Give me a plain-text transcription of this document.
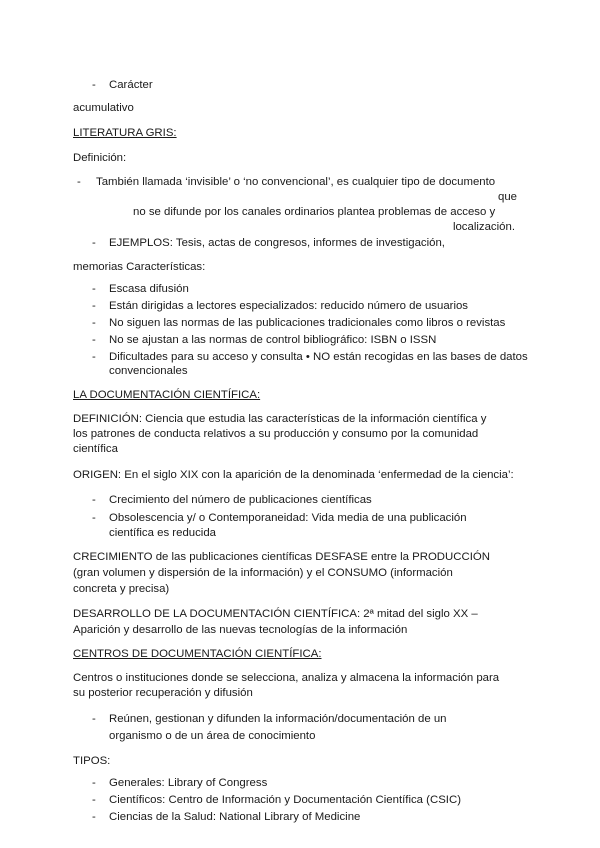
- Carácter
acumulativo
LITERATURA GRIS:
Definición:
- También llamada ‘invisible’ o ‘no convencional’, es cualquier tipo de documento
que
no se difunde por los canales ordinarios plantea problemas de acceso y
localización.
- EJEMPLOS: Tesis, actas de congresos, informes de investigación,
memorias Características:
- Escasa difusión
- Están dirigidas a lectores especializados: reducido número de usuarios
- No siguen las normas de las publicaciones tradicionales como libros o revistas
- No se ajustan a las normas de control bibliográfico: ISBN o ISSN
- Dificultades para su acceso y consulta • NO están recogidas en las bases de datos
convencionales
LA DOCUMENTACIÓN CIENTÍFICA:
DEFINICIÓN: Ciencia que estudia las características de la información científica y
los patrones de conducta relativos a su producción y consumo por la comunidad
científica
ORIGEN: En el siglo XIX con la aparición de la denominada ‘enfermedad de la ciencia’:
- Crecimiento del número de publicaciones científicas
- Obsolescencia y/ o Contemporaneidad: Vida media de una publicación
científica es reducida
CRECIMIENTO de las publicaciones científicas DESFASE entre la PRODUCCIÓN
(gran volumen y dispersión de la información) y el CONSUMO (información
concreta y precisa)
DESARROLLO DE LA DOCUMENTACIÓN CIENTÍFICA: 2ª mitad del siglo XX –
Aparición y desarrollo de las nuevas tecnologías de la información
CENTROS DE DOCUMENTACIÓN CIENTÍFICA:
Centros o instituciones donde se selecciona, analiza y almacena la información para
su posterior recuperación y difusión
- Reúnen, gestionan y difunden la información/documentación de un
organismo o de un área de conocimiento
TIPOS:
- Generales: Library of Congress
- Científicos: Centro de Información y Documentación Científica (CSIC)
- Ciencias de la Salud: National Library of Medicine
